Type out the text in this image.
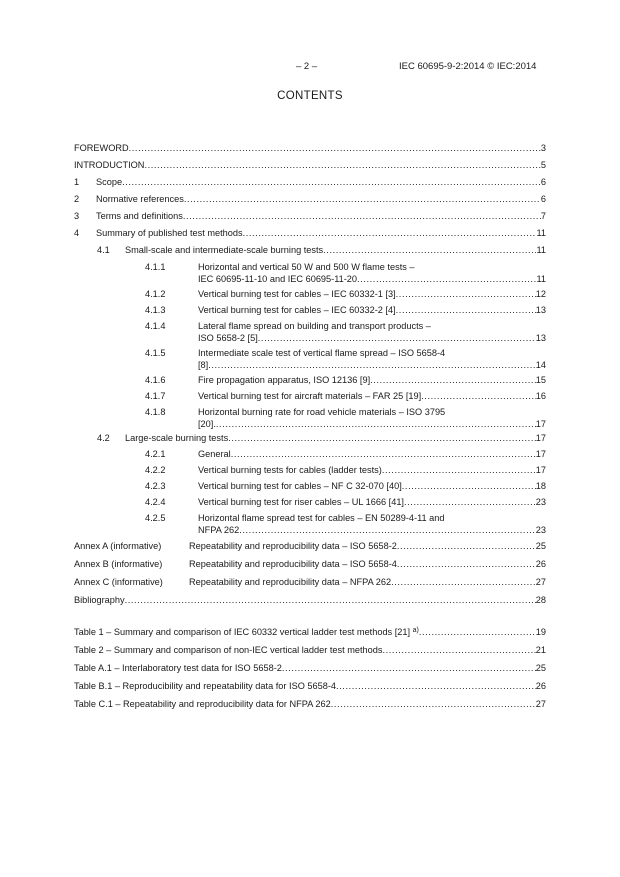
– 2 –	IEC 60695-9-2:2014 © IEC:2014
CONTENTS
FOREWORD .....	3
INTRODUCTION .....	5
1 Scope .....	6
2 Normative references .....	6
3 Terms and definitions .....	7
4 Summary of published test methods .....	11
4.1 Small-scale and intermediate-scale burning tests .....	11
4.1.1	Horizontal and vertical 50 W and 500 W flame tests –
IEC 60695-11-10 and IEC 60695-11-20 .....	11
4.1.2	Vertical burning test for cables – IEC 60332-1 [3] .....	12
4.1.3	Vertical burning test for cables – IEC 60332-2 [4] .....	13
4.1.4	Lateral flame spread on building and transport products –
ISO 5658-2 [5] .....	13
4.1.5	Intermediate scale test of vertical flame spread – ISO 5658-4
[8] .....	14
4.1.6	Fire propagation apparatus, ISO 12136 [9] .....	15
4.1.7	Vertical burning test for aircraft materials – FAR 25 [19] .....	16
4.1.8	Horizontal burning rate for road vehicle materials – ISO 3795
[20]. .....	17
4.2 Large-scale burning tests .....	17
4.2.1	General .....	17
4.2.2	Vertical burning tests for cables (ladder tests) .....	17
4.2.3	Vertical burning test for cables – NF C 32-070 [40] .....	18
4.2.4	Vertical burning test for riser cables – UL 1666 [41] .....	23
4.2.5	Horizontal flame spread test for cables – EN 50289-4-11 and
NFPA 262 .....	23
Annex A (informative)	Repeatability and reproducibility data – ISO 5658-2 .....	25
Annex B (informative)	Repeatability and reproducibility data – ISO 5658-4 .....	26
Annex C (informative)	Repeatability and reproducibility data – NFPA 262 .....	27
Bibliography .....	28
Table 1 – Summary and comparison of IEC 60332 vertical ladder test methods [21] $^{a)}$ .....	19
Table 2 – Summary and comparison of non-IEC vertical ladder test methods .....	21
Table A.1 – Interlaboratory test data for ISO 5658-2 .....	25
Table B.1 – Reproducibility and repeatability data for ISO 5658-4 .....	26
Table C.1 – Repeatability and reproducibility data for NFPA 262 .....	27
